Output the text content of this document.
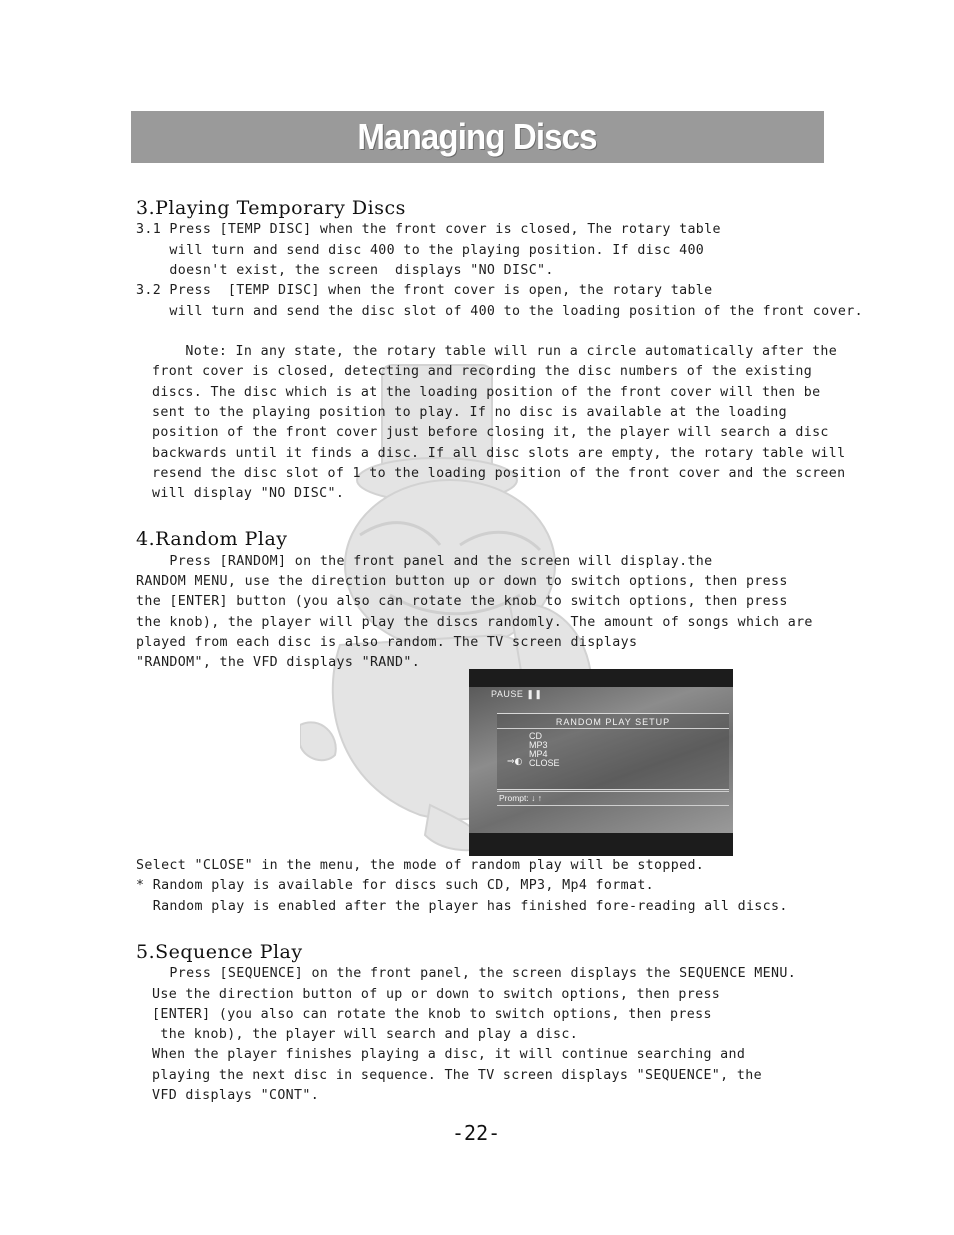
Managing Discs
3.Playing Temporary Discs
3.1 Press [TEMP DISC] when the front cover is closed, The rotary table
will turn and send disc 400 to the playing position. If disc 400
doesn't exist, the screen  displays "NO DISC".
3.2 Press  [TEMP DISC] when the front cover is open, the rotary table
will turn and send the disc slot of 400 to the loading position of the front cover.
Note: In any state, the rotary table will run a circle automatically after the
front cover is closed, detecting and recording the disc numbers of the existing
discs. The disc which is at the loading position of the front cover will then be
sent to the playing position to play. If no disc is available at the loading
position of the front cover just before closing it, the player will search a disc
backwards until it finds a disc. If all disc slots are empty, the rotary table will
resend the disc slot of 1 to the loading position of the front cover and the screen
will display "NO DISC".
4.Random Play
Press [RANDOM] on the front panel and the screen will display.the
RANDOM MENU, use the direction button up or down to switch options, then press
the [ENTER] button (you also can rotate the knob to switch options, then press
the knob), the player will play the discs randomly. The amount of songs which are
played from each disc is also random. The TV screen displays
"RANDOM", the VFD displays "RAND".
PAUSE ❚❚
RANDOM PLAY SETUP
CD
MP3
MP4
⇒◐ CLOSE
Prompt: ↓ ↑
Select "CLOSE" in the menu, the mode of random play will be stopped.
* Random play is available for discs such CD, MP3, Mp4 format.
Random play is enabled after the player has finished fore-reading all discs.
5.Sequence Play
Press [SEQUENCE] on the front panel, the screen displays the SEQUENCE MENU.
Use the direction button of up or down to switch options, then press
[ENTER] (you also can rotate the knob to switch options, then press
the knob), the player will search and play a disc.
When the player finishes playing a disc, it will continue searching and
playing the next disc in sequence. The TV screen displays "SEQUENCE", the
VFD displays "CONT".
-22-
